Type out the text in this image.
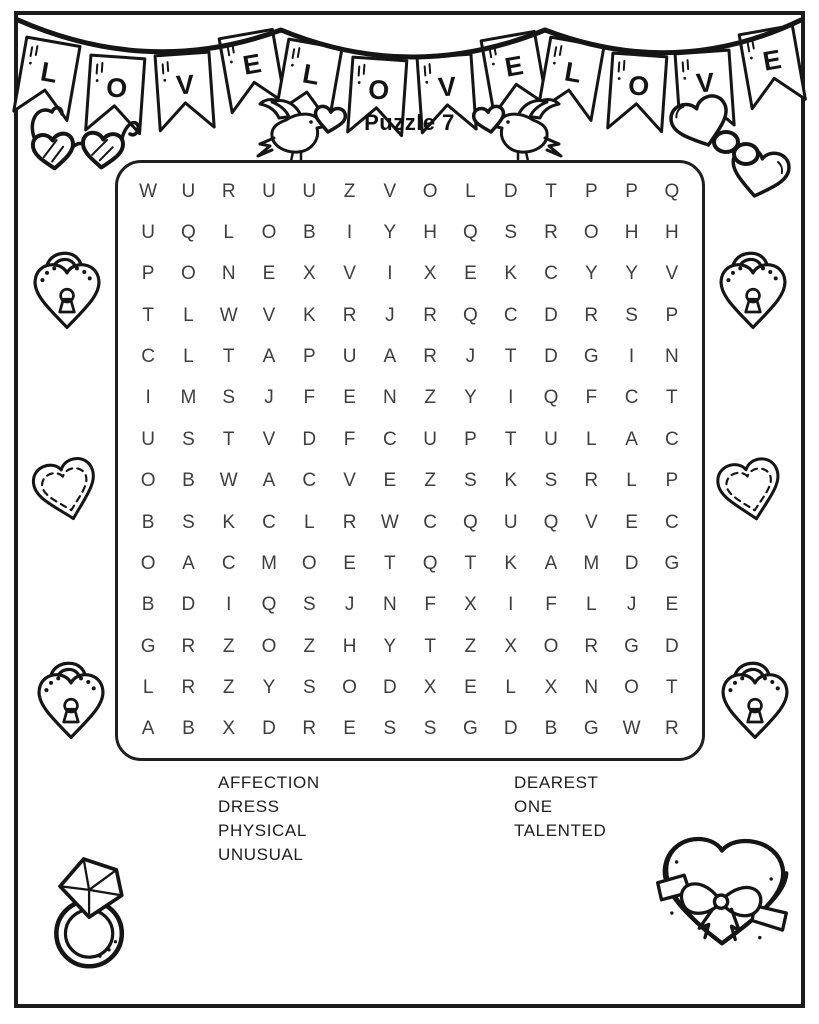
L O V
E L O V
E L O V
E
Puzzle 7
W	U	R	U	U	Z	V	O	L	D	T	P	P	Q
U	Q	L	O	B	I	Y	H	Q	S	R	O	H	H
P	O	N	E	X	V	I	X	E	K	C	Y	Y	V
T	L	W	V	K	R	J	R	Q	C	D	R	S	P
C	L	T	A	P	U	A	R	J	T	D	G	I	N
I	M	S	J	F	E	N	Z	Y	I	Q	F	C	T
U	S	T	V	D	F	C	U	P	T	U	L	A	C
O	B	W	A	C	V	E	Z	S	K	S	R	L	P
B	S	K	C	L	R	W	C	Q	U	Q	V	E	C
O	A	C	M	O	E	T	Q	T	K	A	M	D	G
B	D	I	Q	S	J	N	F	X	I	F	L	J	E
G	R	Z	O	Z	H	Y	T	Z	X	O	R	G	D
L	R	Z	Y	S	O	D	X	E	L	X	N	O	T
A	B	X	D	R	E	S	S	G	D	B	G	W	R
AFFECTION
DRESS
PHYSICAL
UNUSUAL
DEAREST
ONE
TALENTED
